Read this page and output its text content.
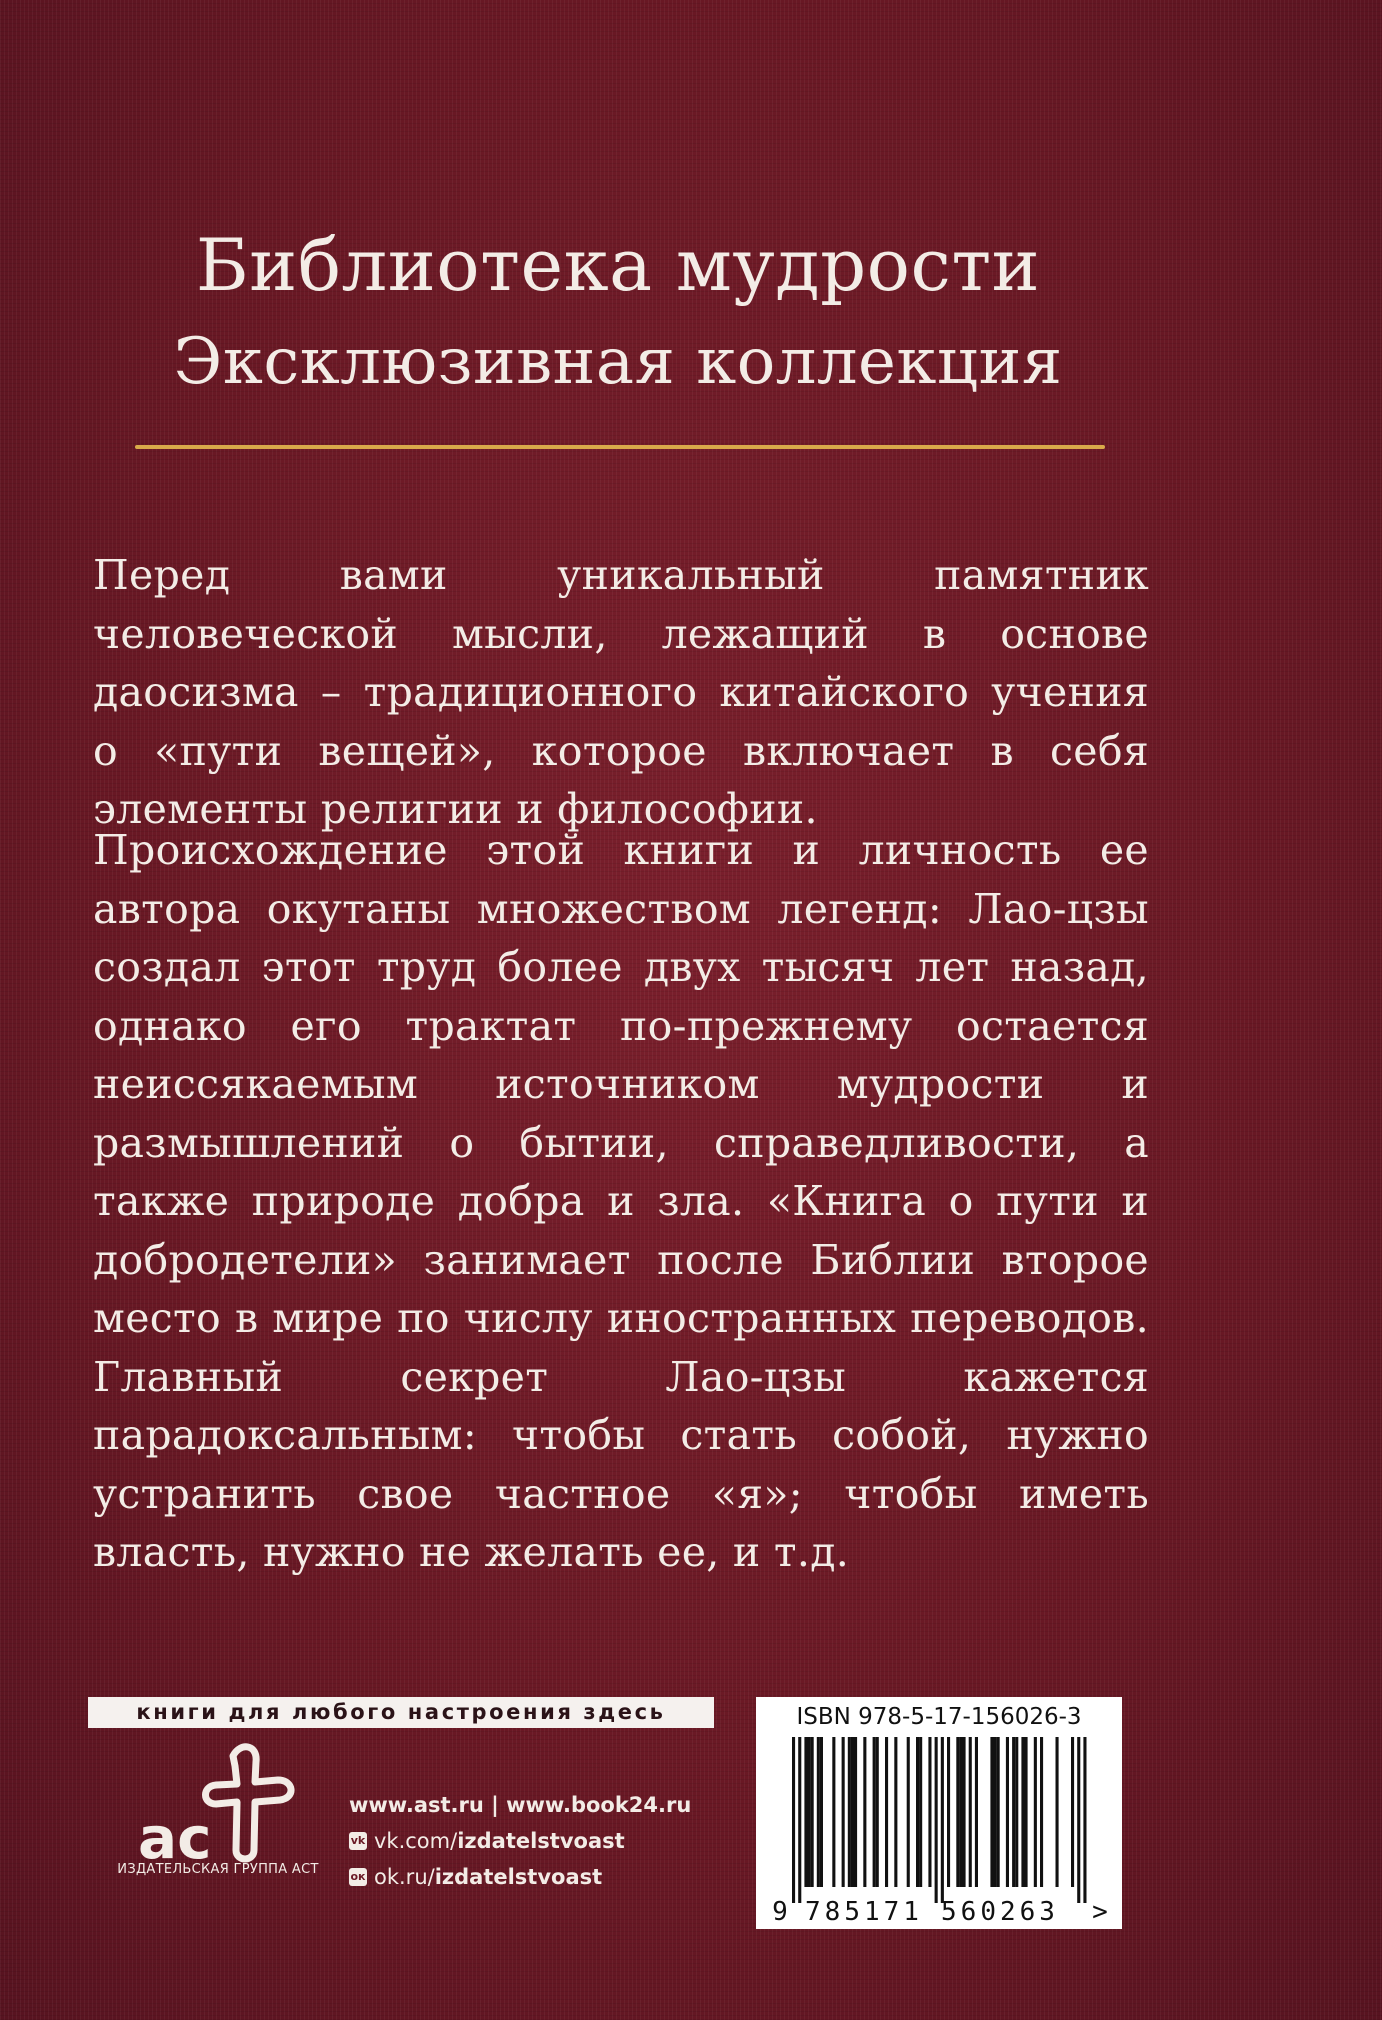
Библиотека мудрости
Эксклюзивная коллекция

Перед вами уникальный памятник человеческой мысли, лежащий в основе даосизма – традиционного китайского учения о «пути вещей», которое включает в себя элементы религии и философии.

Происхождение этой книги и личность ее автора окутаны множеством легенд: Лао-цзы создал этот труд более двух тысяч лет назад, однако его трактат по-прежнему остается неиссякаемым источником мудрости и размышлений о бытии, справедливости, а также природе добра и зла. «Книга о пути и добродетели» занимает после Библии второе место в мире по числу иностранных переводов. Главный секрет Лао-цзы кажется парадоксальным: чтобы стать собой, нужно устранить свое частное «я»; чтобы иметь власть, нужно не желать ее, и т.д.

книги для любого настроения здесь
ас
ИЗДАТЕЛЬСКАЯ ГРУППА АСТ
www.ast.ru | www.book24.ru
vk vk.com/ izdatelstvoast
ок ok.ru/ izdatelstvoast
ISBN 978-5-17-156026-3
9 785171 560263 >
